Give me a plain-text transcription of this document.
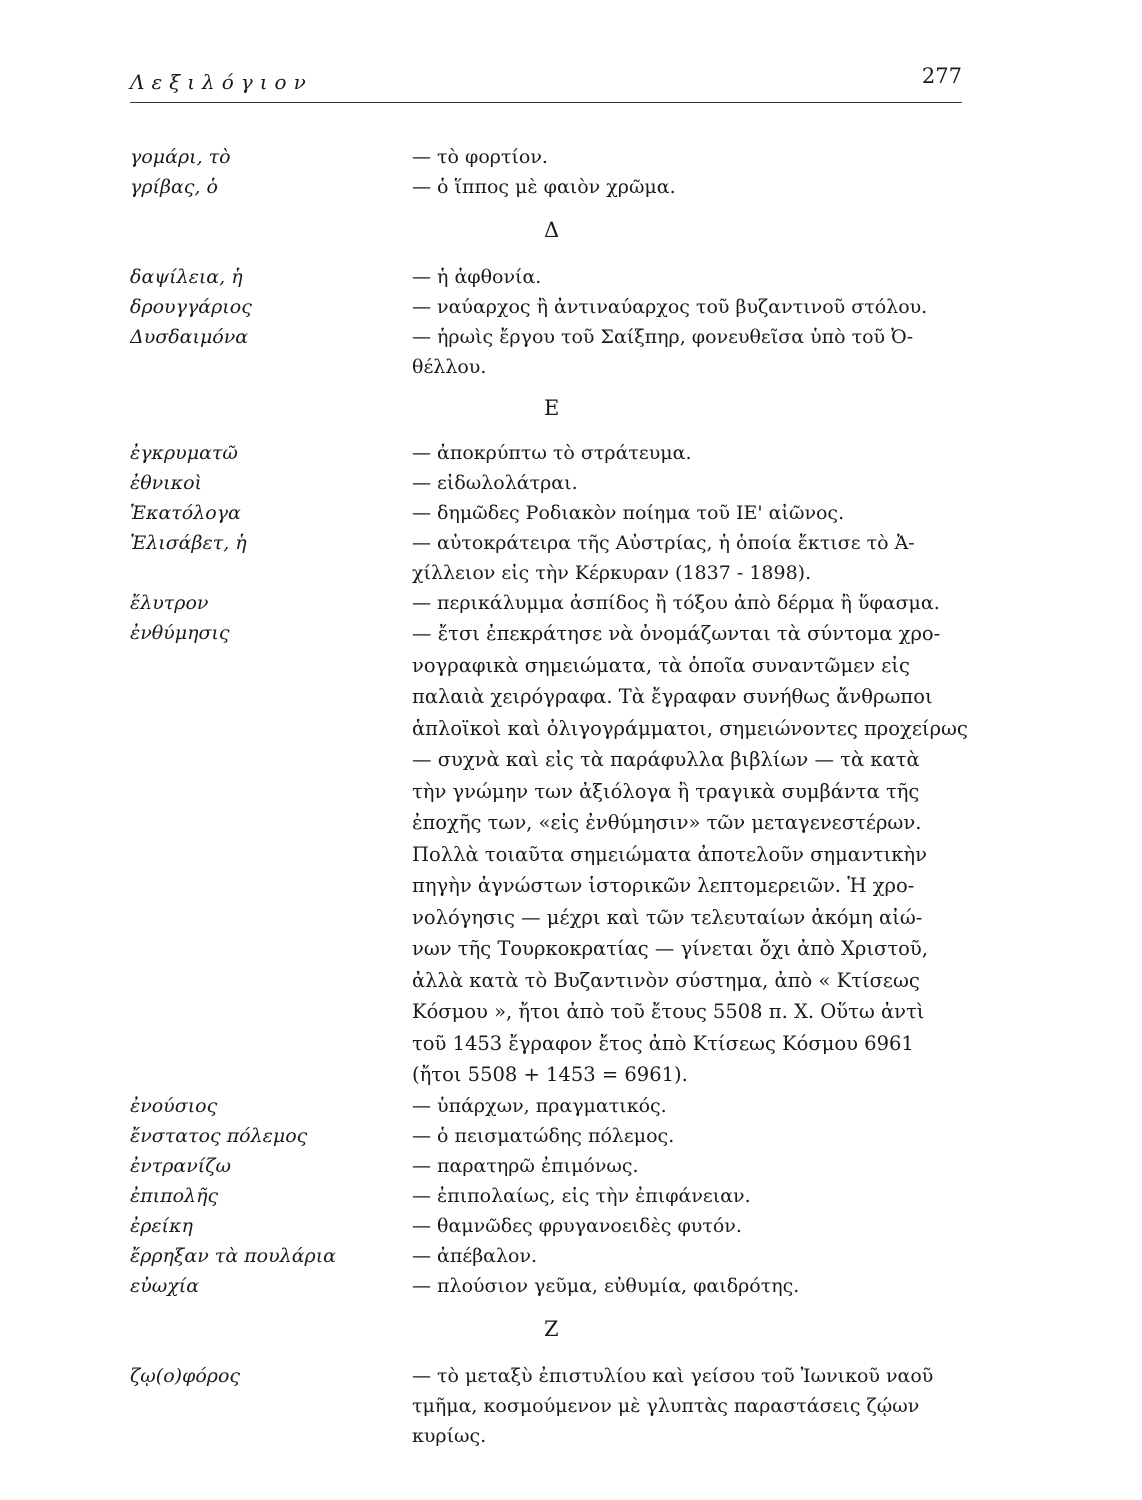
Λεξιλόγιον	277
γομάρι, τὸ	— τὸ φορτίον.
γρίβας, ὁ	— ὁ ἵππος μὲ φαιὸν χρῶμα.
Δ
δαψίλεια, ἡ	— ἡ ἀφθονία.
δρουγγάριος	— ναύαρχος ἢ ἀντιναύαρχος τοῦ βυζαντινοῦ στόλου.
Δυσδαιμόνα	— ἡρωὶς ἔργου τοῦ Σαίξπηρ, φονευθεῖσα ὑπὸ τοῦ Ὀ-
θέλλου.
Ε
ἐγκρυματῶ	— ἀποκρύπτω τὸ στράτευμα.
ἐθνικοὶ	— εἰδωλολάτραι.
Ἑκατόλογα	— δημῶδες Ροδιακὸν ποίημα τοῦ ΙΕ' αἰῶνος.
Ἐλισάβετ, ἡ	— αὐτοκράτειρα τῆς Αὐστρίας, ἡ ὁποία ἔκτισε τὸ Ἀ-
χίλλειον εἰς τὴν Κέρκυραν (1837 - 1898).
ἔλυτρον	— περικάλυμμα ἀσπίδος ἢ τόξου ἀπὸ δέρμα ἢ ὕφασμα.
ἐνθύμησις	— ἔτσι ἐπεκράτησε νὰ ὀνομάζωνται τὰ σύντομα χρο-
νογραφικὰ σημειώματα, τὰ ὁποῖα συναντῶμεν εἰς
παλαιὰ χειρόγραφα. Τὰ ἔγραφαν συνήθως ἄνθρωποι
ἁπλοϊκοὶ καὶ ὀλιγογράμματοι, σημειώνοντες προχείρως
— συχνὰ καὶ εἰς τὰ παράφυλλα βιβλίων — τὰ κατὰ
τὴν γνώμην των ἀξιόλογα ἢ τραγικὰ συμβάντα τῆς
ἐποχῆς των, «εἰς ἐνθύμησιν» τῶν μεταγενεστέρων.
Πολλὰ τοιαῦτα σημειώματα ἀποτελοῦν σημαντικὴν
πηγὴν ἀγνώστων ἱστορικῶν λεπτομερειῶν. Ἡ χρο-
νολόγησις — μέχρι καὶ τῶν τελευταίων ἀκόμη αἰώ-
νων τῆς Τουρκοκρατίας — γίνεται ὄχι ἀπὸ Χριστοῦ,
ἀλλὰ κατὰ τὸ Βυζαντινὸν σύστημα, ἀπὸ « Κτίσεως
Κόσμου », ἤτοι ἀπὸ τοῦ ἔτους 5508 π. Χ. Οὕτω ἀντὶ
τοῦ 1453 ἔγραφον ἔτος ἀπὸ Κτίσεως Κόσμου 6961
(ἤτοι 5508 + 1453 = 6961).
ἐνούσιος	— ὑπάρχων, πραγματικός.
ἔνστατος πόλεμος	— ὁ πεισματώδης πόλεμος.
ἐντρανίζω	— παρατηρῶ ἐπιμόνως.
ἐπιπολῆς	— ἐπιπολαίως, εἰς τὴν ἐπιφάνειαν.
ἐρείκη	— θαμνῶδες φρυγανοειδὲς φυτόν.
ἔρρηξαν τὰ πουλάρια	— ἀπέβαλον.
εὐωχία	— πλούσιον γεῦμα, εὐθυμία, φαιδρότης.
Ζ
ζῳ(ο)φόρος	— τὸ μεταξὺ ἐπιστυλίου καὶ γείσου τοῦ Ἰωνικοῦ ναοῦ
τμῆμα, κοσμούμενον μὲ γλυπτὰς παραστάσεις ζῴων
κυρίως.
